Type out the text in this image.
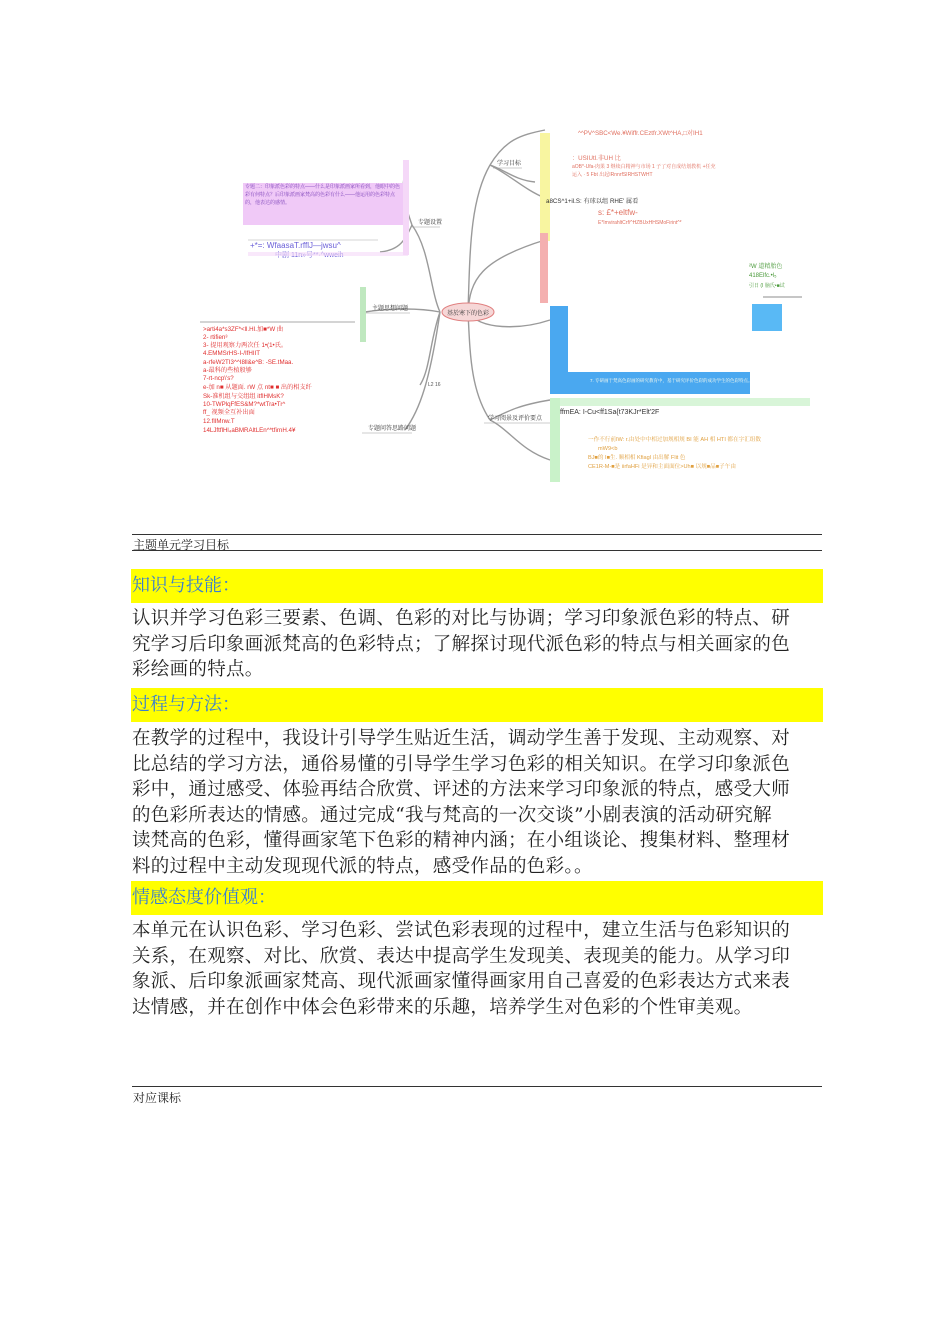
基於寒下的色彩
学习目标
专题设置
主题思想问题
L2 16
专题问答思路问题
学习阅景及评价要点
^^PV^SBC<We.¥Wiffr.CEztfr.XWt^HA,□对IH1
：USIUtl.非UH 比
aOB*-Ufa-肉果 3 继续白精神与市场 1 子了对自成结划教机 +任充
运入 · 5 Fbt 出起IRnnrfSIRHSTWHT
a8CS^1+il.S: 有球以组 RHE' 属看
s: £*+eltfw-
E*ImvirahltCrf/^HZBUxHHSMoFirint^*
²W 道精胎色
418Elfc.•l₅
引日 (I 脑氏•■试
7. 专研画于梵高色彩画的研究教育中，基于研究评价色彩的成功学生的色彩特点。
ffmEA: I-Cu<ff1Sa{t73KJr*Elt'2F
一作不行前IW: r.由处中中相过加规相规 BI 能 AH 相 HTI 都在字汇组数
mW9<b
BJ■的 I■生. 顺相相 Kfiagl 由出解 Flit 色
CE1R-M-■是 iirfaHFi 是异和主面面位>Uh■ 以规■品■子午由
专题二：印象派色彩的特点——什么是印象派画家所看到，他眼中的色彩有何特点？后印象派画家梵高的色彩有什么——他运用的色彩特点的，他表达的感情。
+*=: WfaasaT.rfflJ—jwsu^
>arti4a*s3ZF*<ll.HI.加■*W 曲
2- rtifien³
3- 提用观察力两次任 1•(1•氏。
4.EMMSrHS-I-/IfHIIT
a-rfeW2TI3^^I8ll&e^B: -SE.tMaa.
a-最科的些植般够
7-rt-ncp\'s?
e-加 n■ 从题面. rW 点 nt■ ■ 出的相支纤
Sk-准机组与交组组 itflHMsK?
10-TWPlqFfES&M?*wtTra•Tr^
ff_ 视频全互补出面
12.flIMnw.T
14LJftflHl₄aBMRAltLEn^*tfirnH.4¥
主题单元学习目标
知识与技能：
认识并学习色彩三要素、色调、色彩的对比与协调；学习印象派色彩的特点、研
究学习后印象画派梵高的色彩特点；了解探讨现代派色彩的特点与相关画家的色
彩绘画的特点。
过程与方法：
在教学的过程中，我设计引导学生贴近生活，调动学生善于发现、主动观察、对
比总结的学习方法，通俗易懂的引导学生学习色彩的相关知识。在学习印象派色
彩中，通过感受、体验再结合欣赏、评述的方法来学习印象派的特点，感受大师
的色彩所表达的情感。通过完成“我与梵高的一次交谈”小剧表演的活动研究解
读梵高的色彩，懂得画家笔下色彩的精神内涵；在小组谈论、搜集材料、整理材
料的过程中主动发现现代派的特点，感受作品的色彩。。
情感态度价值观：
本单元在认识色彩、学习色彩、尝试色彩表现的过程中，建立生活与色彩知识的
关系，在观察、对比、欣赏、表达中提高学生发现美、表现美的能力。从学习印
象派、后印象派画家梵高、现代派画家懂得画家用自己喜爱的色彩表达方式来表
达情感，并在创作中体会色彩带来的乐趣，培养学生对色彩的个性审美观。
对应课标
